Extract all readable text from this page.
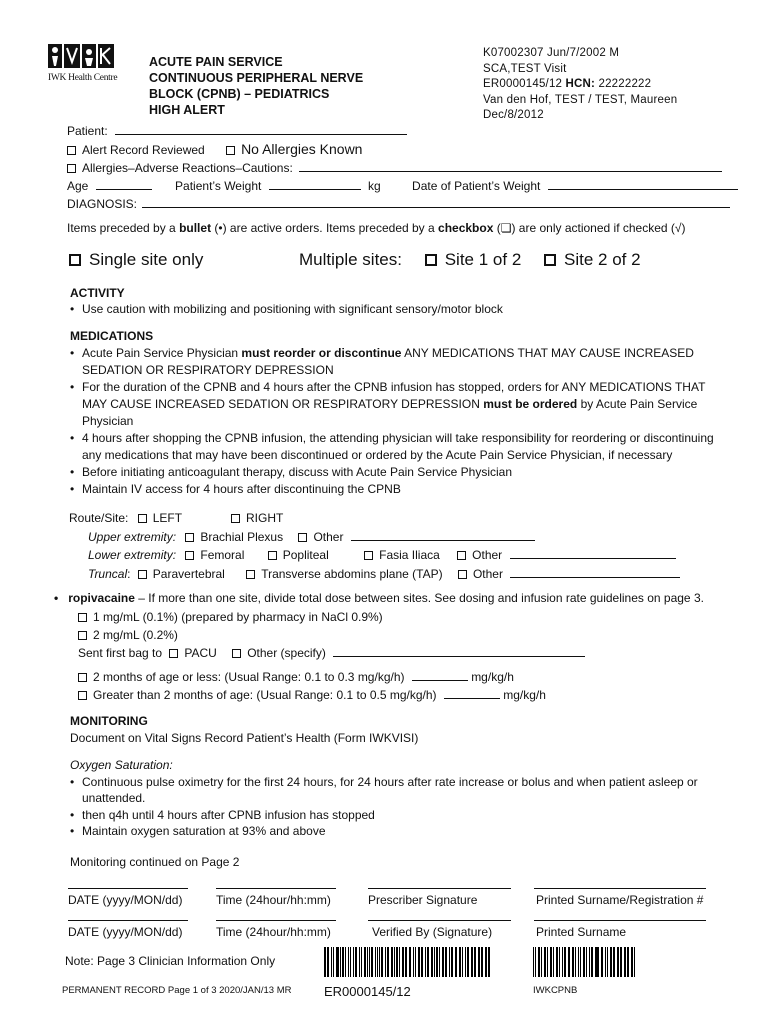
IWK Health Centre
ACUTE PAIN SERVICE
CONTINUOUS PERIPHERAL NERVE
BLOCK (CPNB) – PEDIATRICS
HIGH ALERT
K07002307 Jun/7/2002 M
SCA,TEST Visit
ER0000145/12 HCN: 22222222
Van den Hof, TEST / TEST, Maureen
Dec/8/2012
Patient:
Alert Record Reviewed	No Allergies Known
Allergies–Adverse Reactions–Cautions:
Age	Patient’s Weight	kg	Date of Patient’s Weight
DIAGNOSIS:
Items preceded by a bullet (•) are active orders. Items preceded by a checkbox (❏) are only actioned if checked (√)
Single site only	Multiple sites:	Site 1 of 2	Site 2 of 2
ACTIVITY
• Use caution with mobilizing and positioning with significant sensory/motor block
MEDICATIONS
• Acute Pain Service Physician must reorder or discontinue ANY MEDICATIONS THAT MAY CAUSE INCREASED
SEDATION OR RESPIRATORY DEPRESSION
• For the duration of the CPNB and 4 hours after the CPNB infusion has stopped, orders for ANY MEDICATIONS THAT
MAY CAUSE INCREASED SEDATION OR RESPIRATORY DEPRESSION must be ordered by Acute Pain Service
Physician
• 4 hours after shopping the CPNB infusion, the attending physician will take responsibility for reordering or discontinuing
any medications that may have been discontinued or ordered by the Acute Pain Service Physician, if necessary
• Before initiating anticoagulant therapy, discuss with Acute Pain Service Physician
• Maintain IV access for 4 hours after discontinuing the CPNB
Route/Site: LEFT	RIGHT
Upper extremity: Brachial Plexus	Other
Lower extremity: Femoral	Popliteal	Fasia Iliaca	Other
Truncal: Paravertebral	Transverse abdomins plane (TAP)	Other
• ropivacaine – If more than one site, divide total dose between sites. See dosing and infusion rate guidelines on page 3.
1 mg/mL (0.1%) (prepared by pharmacy in NaCl 0.9%)
2 mg/mL (0.2%)
Sent first bag to PACU	Other (specify)
2 months of age or less: (Usual Range: 0.1 to 0.3 mg/kg/h)	mg/kg/h
Greater than 2 months of age: (Usual Range: 0.1 to 0.5 mg/kg/h)	mg/kg/h
MONITORING
Document on Vital Signs Record Patient’s Health (Form IWKVISI)
Oxygen Saturation:
• Continuous pulse oximetry for the first 24 hours, for 24 hours after rate increase or bolus and when patient asleep or
unattended.
• then q4h until 4 hours after CPNB infusion has stopped
• Maintain oxygen saturation at 93% and above
Monitoring continued on Page 2
DATE (yyyy/MON/dd)	Time (24hour/hh:mm)	Prescriber Signature	Printed Surname/Registration #
DATE (yyyy/MON/dd)	Time (24hour/hh:mm)	Verified By (Signature)	Printed Surname
Note: Page 3 Clinician Information Only
PERMANENT RECORD Page 1 of 3 2020/JAN/13 MR	ER0000145/12	IWKCPNB
